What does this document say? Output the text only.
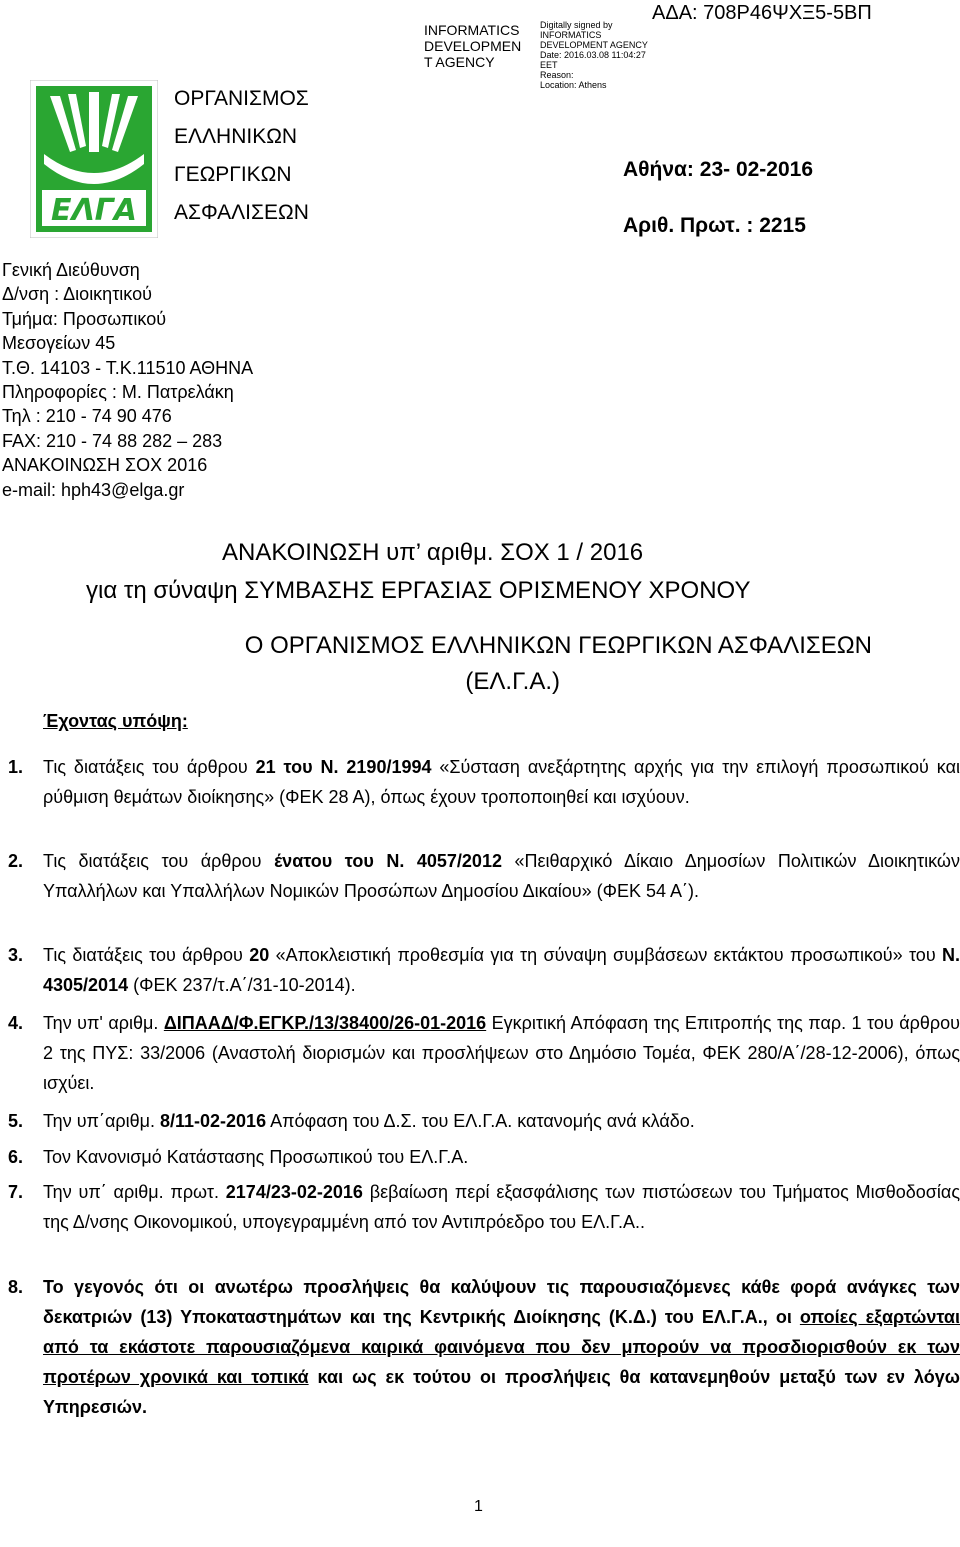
ΑΔΑ: 708Ρ46ΨΧΞ5-5ΒΠ
INFORMATICS
DEVELOPMEN
T AGENCY
Digitally signed by
INFORMATICS
DEVELOPMENT AGENCY
Date: 2016.03.08 11:04:27
EET
Reason:
Location: Athens
ΕΛΓΑ
ΟΡΓΑΝΙΣΜΟΣ
ΕΛΛΗΝΙΚΩΝ
ΓΕΩΡΓΙΚΩΝ
ΑΣΦΑΛΙΣΕΩΝ
Αθήνα: 23- 02-2016
Αριθ. Πρωτ. : 2215
Γενική Διεύθυνση
Δ/νση : Διοικητικού
Τμήμα: Προσωπικού
Μεσογείων 45
Τ.Θ. 14103 - Τ.Κ.11510 ΑΘΗΝΑ
Πληροφορίες : Μ. Πατρελάκη
Τηλ : 210 - 74 90 476
FAX: 210 - 74 88 282 – 283
ΑΝΑΚΟΙΝΩΣΗ ΣΟΧ 2016
e-mail: hph43@elga.gr
ΑΝΑΚΟΙΝΩΣΗ υπ’ αριθμ. ΣΟΧ 1 / 2016
για τη σύναψη ΣΥΜΒΑΣΗΣ ΕΡΓΑΣΙΑΣ ΟΡΙΣΜΕΝΟΥ ΧΡΟΝΟΥ
Ο ΟΡΓΑΝΙΣΜΟΣ ΕΛΛΗΝΙΚΩΝ ΓΕΩΡΓΙΚΩΝ ΑΣΦΑΛΙΣΕΩΝ
(ΕΛ.Γ.Α.)
Έχοντας υπόψη:
1. Τις διατάξεις του άρθρου 21 του Ν. 2190/1994 «Σύσταση ανεξάρτητης αρχής για την επιλογή προσωπικού και ρύθμιση θεμάτων διοίκησης» (ΦΕΚ 28 Α), όπως έχουν τροποποιηθεί και ισχύουν.
2. Τις διατάξεις του άρθρου ένατου του Ν. 4057/2012 «Πειθαρχικό Δίκαιο Δημοσίων Πολιτικών Διοικητικών Υπαλλήλων και Υπαλλήλων Νομικών Προσώπων Δημοσίου Δικαίου» (ΦΕΚ 54 Α΄).
3. Τις διατάξεις του άρθρου 20 «Αποκλειστική προθεσμία για τη σύναψη συμβάσεων εκτάκτου προσωπικού» του Ν. 4305/2014 (ΦΕΚ 237/τ.Α΄/31-10-2014).
4. Την υπ' αριθμ. ΔΙΠΑΑΔ/Φ.ΕΓΚΡ./13/38400/26-01-2016 Εγκριτική Απόφαση της Επιτροπής της παρ. 1 του άρθρου 2 της ΠΥΣ: 33/2006 (Αναστολή διορισμών και προσλήψεων στο Δημόσιο Τομέα, ΦΕΚ 280/Α΄/28-12-2006), όπως ισχύει.
5. Την υπ΄αριθμ. 8/11-02-2016 Απόφαση του Δ.Σ. του ΕΛ.Γ.Α. κατανομής ανά κλάδο.
6. Τον Κανονισμό Κατάστασης Προσωπικού του ΕΛ.Γ.Α.
7. Την υπ΄ αριθμ. πρωτ. 2174/23-02-2016 βεβαίωση περί εξασφάλισης των πιστώσεων του Τμήματος Μισθοδοσίας της Δ/νσης Οικονομικού, υπογεγραμμένη από τον Αντιπρόεδρο του ΕΛ.Γ.Α..
8. Το γεγονός ότι οι ανωτέρω προσλήψεις θα καλύψουν τις παρουσιαζόμενες κάθε φορά ανάγκες των δεκατριών (13) Υποκαταστημάτων και της Κεντρικής Διοίκησης (Κ.Δ.) του ΕΛ.Γ.Α., οι οποίες εξαρτώνται από τα εκάστοτε παρουσιαζόμενα καιρικά φαινόμενα που δεν μπορούν να προσδιορισθούν εκ των προτέρων χρονικά και τοπικά και ως εκ τούτου οι προσλήψεις θα κατανεμηθούν μεταξύ των εν λόγω Υπηρεσιών.
1
